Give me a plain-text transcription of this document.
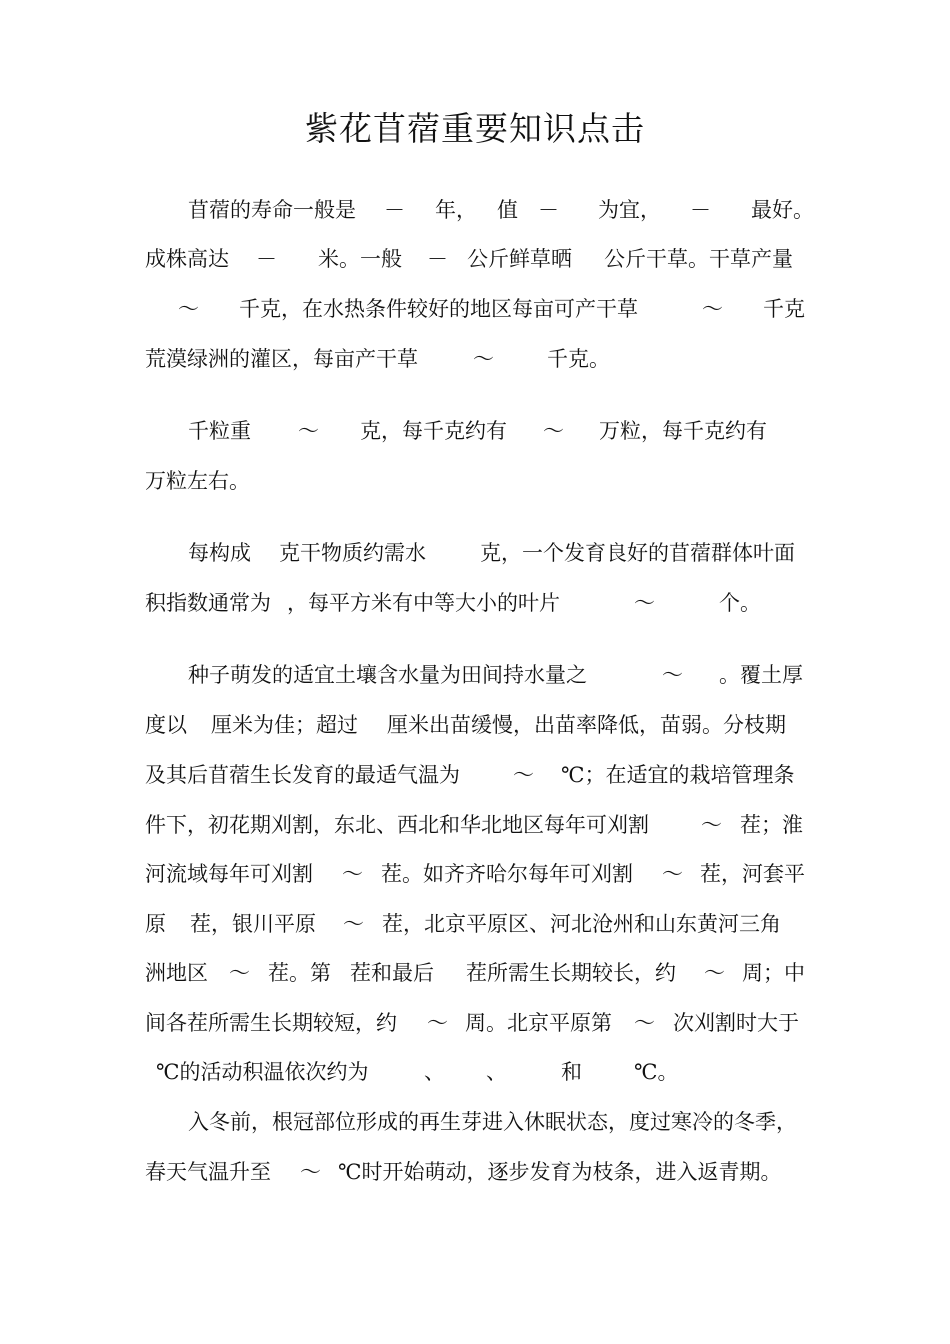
紫花苜蓿重要知识点击
苜蓿的寿命一般是 － 年， 值 － 为宜， － 最好。
成株高达 － 米。一般 － 公斤鲜草晒 公斤干草。干草产量
～ 千克，在水热条件较好的地区每亩可产干草	～ 千克
荒漠绿洲的灌区，每亩产干草	～	千克。
千粒重 ～ 克，每千克约有 ～ 万粒，每千克约有
万粒左右。
每构成 克干物质约需水	克，一个发育良好的苜蓿群体叶面
积指数通常为 ，每平方米有中等大小的叶片	～	个。
种子萌发的适宜土壤含水量为田间持水量之	～ 。覆土厚
度以 厘米为佳；超过 厘米出苗缓慢，出苗率降低，苗弱。分枝期
及其后苜蓿生长发育的最适气温为	～ ℃；在适宜的栽培管理条
件下，初花期刈割，东北、西北和华北地区每年可刈割 ～ 茬；淮
河流域每年可刈割 ～ 茬。如齐齐哈尔每年可刈割 ～ 茬，河套平
原 茬，银川平原 ～ 茬，北京平原区、河北沧州和山东黄河三角
洲地区 ～ 茬。第 茬和最后 茬所需生长期较长，约 ～ 周；中
间各茬所需生长期较短，约 ～ 周。北京平原第 ～ 次刈割时大于
℃的活动积温依次约为	、 、	和 ℃。
入冬前，根冠部位形成的再生芽进入休眠状态，度过寒冷的冬季，
春天气温升至 ～ ℃时开始萌动，逐步发育为枝条，进入返青期。
